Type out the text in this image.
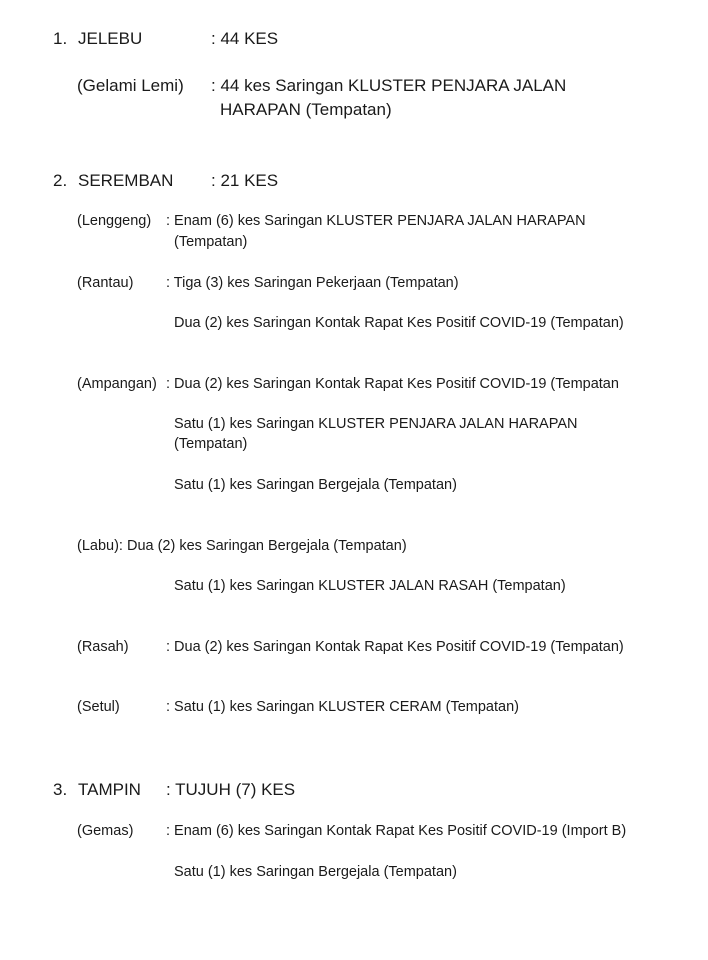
1. JELEBU	: 44 KES
(Gelami Lemi) : 44 kes Saringan KLUSTER PENJARA JALAN
HARAPAN (Tempatan)
2. SEREMBAN : 21 KES
(Lenggeng) : Enam (6) kes Saringan KLUSTER PENJARA JALAN HARAPAN
(Tempatan)
(Rantau) : Tiga (3) kes Saringan Pekerjaan (Tempatan)
Dua (2) kes Saringan Kontak Rapat Kes Positif COVID-19 (Tempatan)
(Ampangan) : Dua (2) kes Saringan Kontak Rapat Kes Positif COVID-19 (Tempatan
Satu (1) kes Saringan KLUSTER PENJARA JALAN HARAPAN
(Tempatan)
Satu (1) kes Saringan Bergejala (Tempatan)
(Labu): Dua (2) kes Saringan Bergejala (Tempatan)
Satu (1) kes Saringan KLUSTER JALAN RASAH (Tempatan)
(Rasah)	: Dua (2) kes Saringan Kontak Rapat Kes Positif COVID-19 (Tempatan)
(Setul)	: Satu (1) kes Saringan KLUSTER CERAM (Tempatan)
3. TAMPIN : TUJUH (7) KES
(Gemas) : Enam (6) kes Saringan Kontak Rapat Kes Positif COVID-19 (Import B)
Satu (1) kes Saringan Bergejala (Tempatan)
